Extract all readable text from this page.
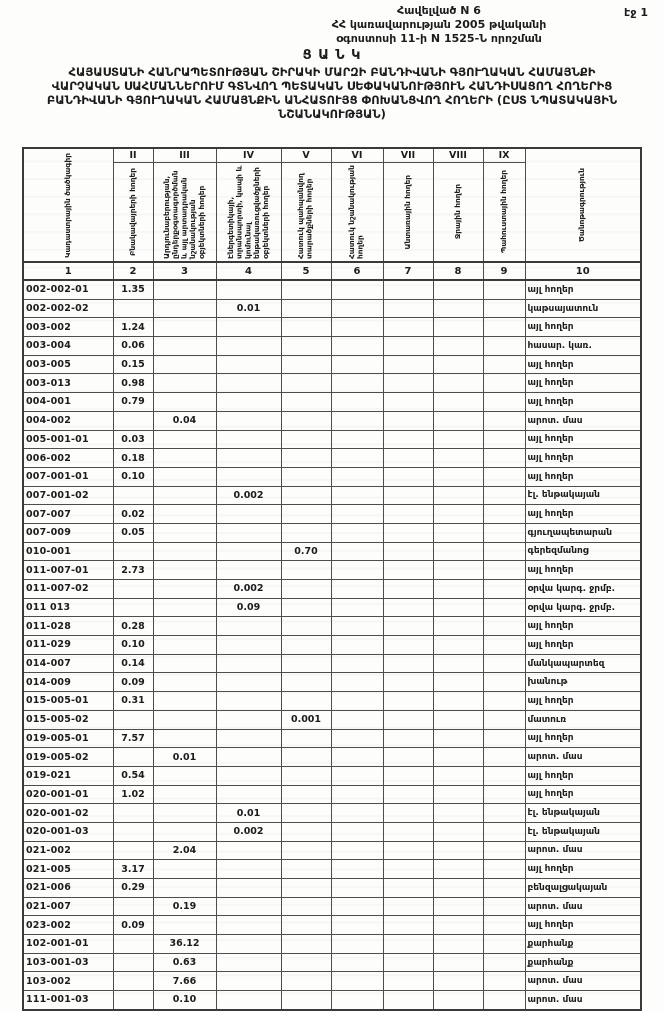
էջ 1
Հավելված N 6
ՀՀ կառավարության 2005 թվականի
օգոստոսի 11-ի N 1525-Ն որոշման
Ց Ա Ն Կ
ՀԱՅԱՍՏԱՆԻ ՀԱՆՐԱՊԵՏՈՒԹՅԱՆ ՇԻՐԱԿԻ ՄԱՐԶԻ ԲԱՆԴԻՎԱՆԻ ԳՅՈՒՂԱԿԱՆ ՀԱՄԱՅՆՔԻ
ՎԱՐՉԱԿԱՆ ՍԱՀՄԱՆՆԵՐՈՒՄ ԳՏՆՎՈՂ ՊԵՏԱԿԱՆ ՍԵՓԱԿԱՆՈՒԹՅՈՒՆ ՀԱՆԴԻՍԱՑՈՂ ՀՈՂԵՐԻՑ
ԲԱՆԴԻՎԱՆԻ ԳՅՈՒՂԱԿԱՆ ՀԱՄԱՅՆՔԻՆ ԱՆՀԱՏՈՒՅՑ ՓՈԽԱՆՑՎՈՂ ՀՈՂԵՐԻ (ԸՍՏ ՆՊԱՏԱԿԱՅԻՆ
ՆՇԱՆԱԿՈՒԹՅԱՆ)
Կադաստրային ծածկագիր	II	III	IV	V	VI	VII	VIII	IX	Ծանոթագրություն

	Բնակավայրերի հողեր	Արդյունաբերության, ընդերքօգտագործման և այլ արտադրական նշանակության օբյեկտների հողեր	Էներգետիկայի, տրանսպորտի, կապի և կոմունալ ենթակառուցվածքների օբյեկտների հողեր	Հատուկ պահպանվող տարածքների հողեր	Հատուկ նշանակության հողեր	Անտառային հողեր	Ջրային հողեր	Պահուստային հողեր	

1	2	3	4	5	6	7	8	9	10
002-002-01	1.35								այլ հողեր
002-002-02			0.01						կաթսայատուն
003-002	1.24								այլ հողեր
003-004	0.06								հասար. կառ.
003-005	0.15								այլ հողեր
003-013	0.98								այլ հողեր
004-001	0.79								այլ հողեր
004-002		0.04							արոտ. մաս
005-001-01	0.03								այլ հողեր
006-002	0.18								այլ հողեր
007-001-01	0.10								այլ հողեր
007-001-02			0.002						էլ. ենթակայան
007-007	0.02								այլ հողեր
007-009	0.05								գյուղապետարան

010-001				0.70					գերեզմանոց

011-007-01	2.73								այլ հողեր
011-007-02			0.002						օրվա կարգ. ջրմբ.

011 013			0.09						օրվա կարգ. ջրմբ.

011-028	0.28								այլ հողեր
011-029	0.10								այլ հողեր
014-007	0.14								մանկապարտեզ
014-009	0.09								խանութ
015-005-01	0.31								այլ հողեր
015-005-02				0.001					մատուռ

019-005-01	7.57								այլ հողեր
019-005-02		0.01							արոտ. մաս
019-021	0.54								այլ հողեր
020-001-01	1.02								այլ հողեր
020-001-02			0.01						էլ. ենթակայան
020-001-03			0.002						էլ. ենթակայան
021-002		2.04							արոտ. մաս
021-005	3.17								այլ հողեր
021-006	0.29								բենզալցակայան
021-007		0.19							արոտ. մաս
023-002	0.09								այլ հողեր
102-001-01		36.12							քարհանք

103-001-03		0.63							քարհանք

103-002		7.66							արոտ. մաս
111-001-03		0.10							արոտ. մաս
